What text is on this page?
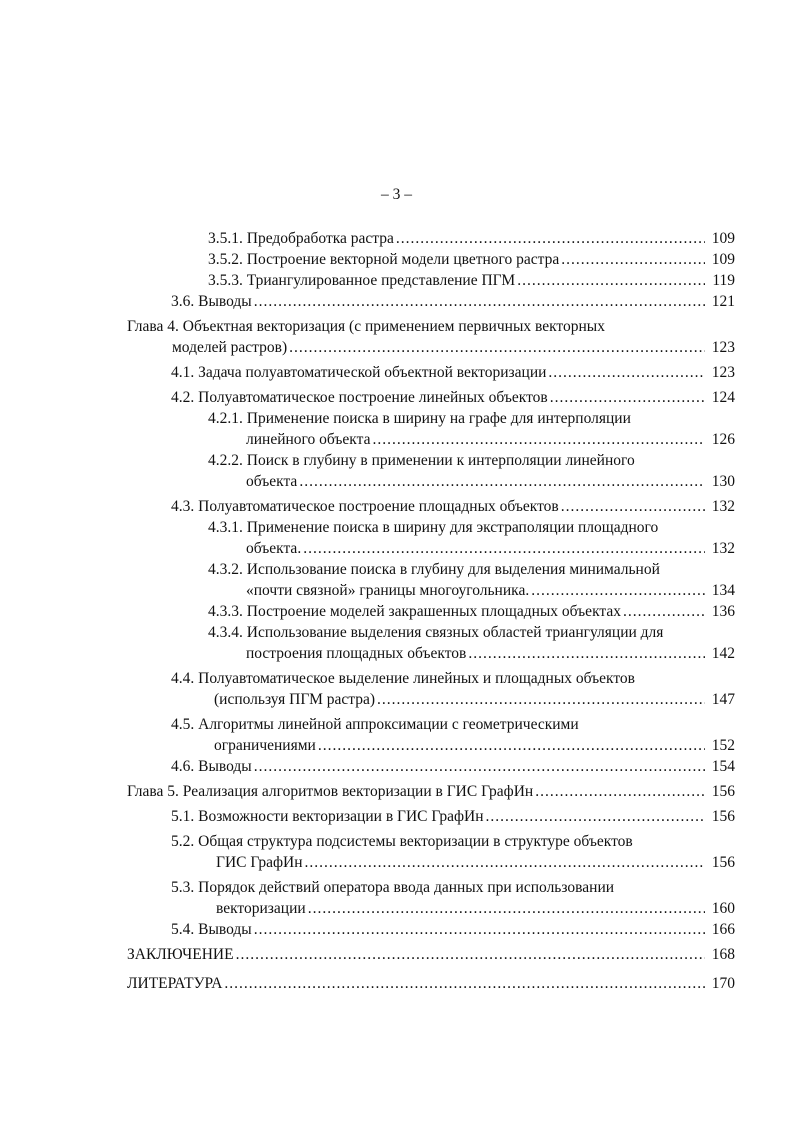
– 3 –
3.5.1. Предобработка растра .....	109
3.5.2. Построение векторной модели цветного растра .....	109
3.5.3. Триангулированное представление ПГМ .....	119
3.6. Выводы .....	121
Глава 4. Объектная векторизация (с применением первичных векторных
моделей растров) .....	123
4.1. Задача полуавтоматической объектной векторизации .....	123
4.2. Полуавтоматическое построение линейных объектов .....	124
4.2.1. Применение поиска в ширину на графе для интерполяции
линейного объекта .....	126
4.2.2. Поиск в глубину в применении к интерполяции линейного
объекта .....	130
4.3. Полуавтоматическое построение площадных объектов .....	132
4.3.1. Применение поиска в ширину для экстраполяции площадного
объекта. .....	132
4.3.2. Использование поиска в глубину для выделения минимальной
«почти связной» границы многоугольника. .....	134
4.3.3. Построение моделей закрашенных площадных объектах .....	136
4.3.4. Использование выделения связных областей триангуляции для
построения площадных объектов .....	142
4.4. Полуавтоматическое выделение линейных и площадных объектов
(используя ПГМ растра) .....	147
4.5. Алгоритмы линейной аппроксимации с геометрическими
ограничениями .....	152
4.6. Выводы .....	154
Глава 5. Реализация алгоритмов векторизации в ГИС ГрафИн .....	156
5.1. Возможности векторизации в ГИС ГрафИн .....	156
5.2. Общая структура подсистемы векторизации в структуре объектов
ГИС ГрафИн .....	156
5.3. Порядок действий оператора ввода данных при использовании
векторизации .....	160
5.4. Выводы .....	166
ЗАКЛЮЧЕНИЕ .....	168
ЛИТЕРАТУРА .....	170
